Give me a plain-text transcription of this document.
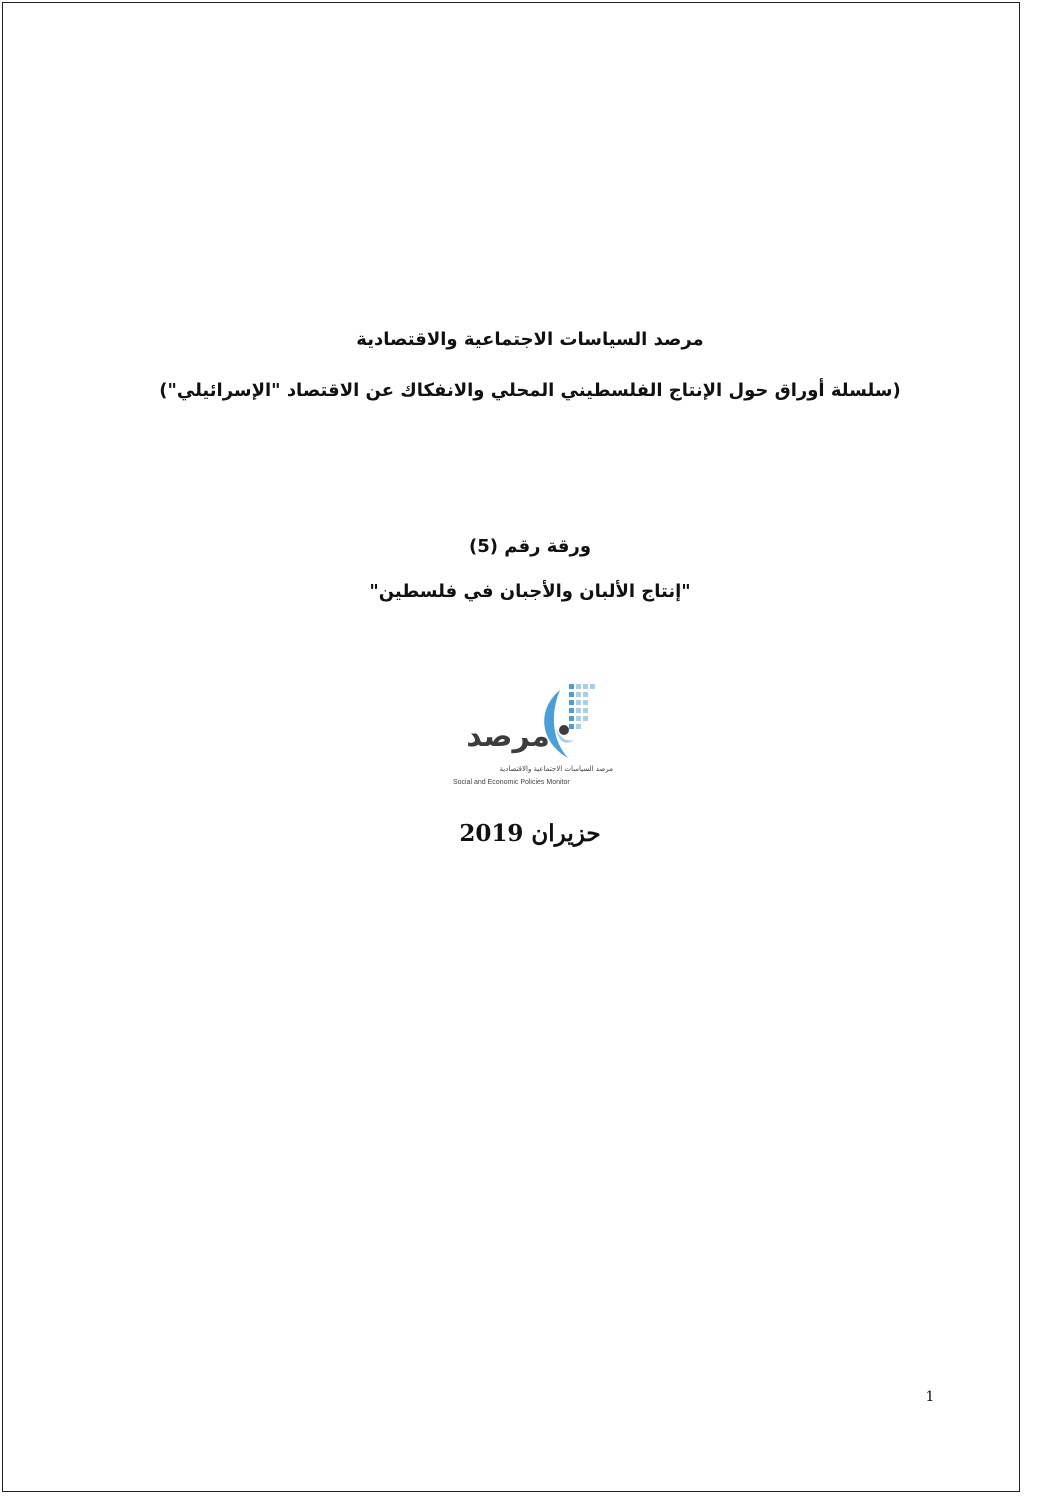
مرصد السياسات الاجتماعية والاقتصادية
(سلسلة أوراق حول الإنتاج الفلسطيني المحلي والانفكاك عن الاقتصاد "الإسرائيلي")
ورقة رقم (5)
"إنتاج الألبان والأجبان في فلسطين"
مرصد
مرصد السياسات الاجتماعية والاقتصادية
Social and Economic Policies Monitor
حزيران 2019
1
